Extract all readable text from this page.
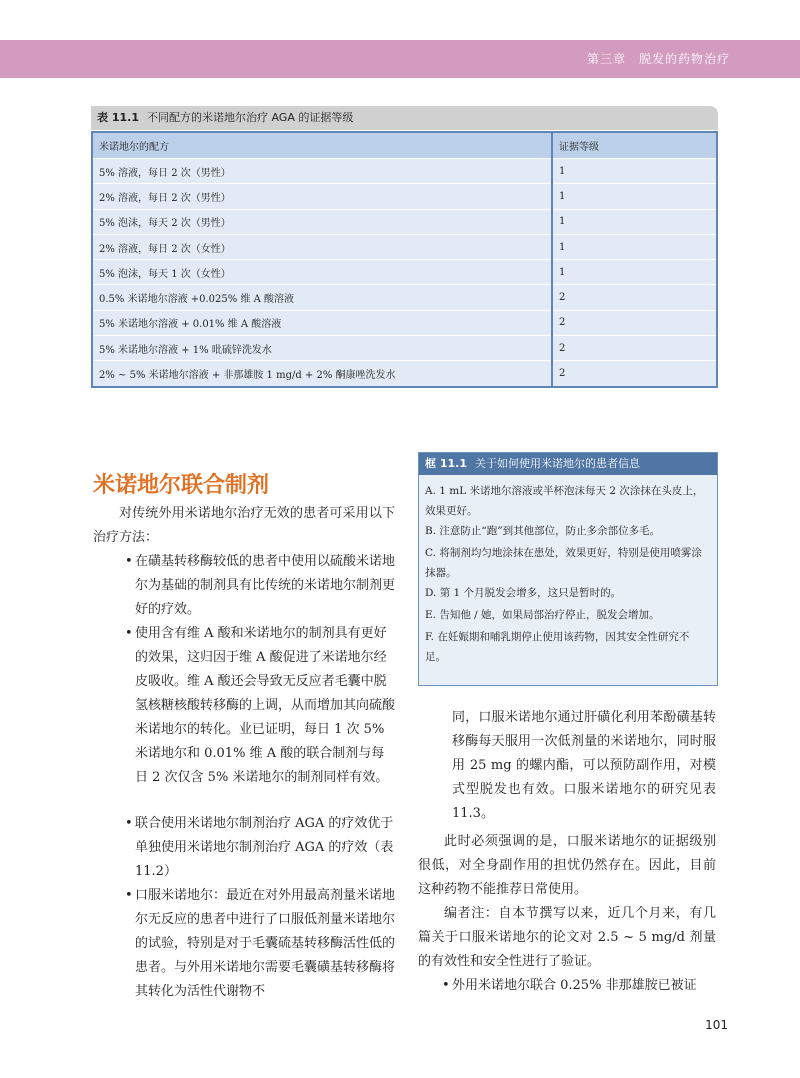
第三章　脱发的药物治疗
表 11.1 不同配方的米诺地尔治疗 AGA 的证据等级
米诺地尔的配方	证据等级
5% 溶液，每日 2 次（男性）	1
2% 溶液，每日 2 次（男性）	1
5% 泡沫，每天 2 次（男性）	1
2% 溶液，每日 2 次（女性）	1
5% 泡沫，每天 1 次（女性）	1
0.5% 米诺地尔溶液 +0.025% 维 A 酸溶液	2
5% 米诺地尔溶液 + 0.01% 维 A 酸溶液	2
5% 米诺地尔溶液 + 1% 吡硫锌洗发水	2
2% ~ 5% 米诺地尔溶液 + 非那雄胺 1 mg/d + 2% 酮康唑洗发水	2
米诺地尔联合制剂
对传统外用米诺地尔治疗无效的患者可采用以下治疗方法：
• 在磺基转移酶较低的患者中使用以硫酸米诺地尔为基础的制剂具有比传统的米诺地尔制剂更好的疗效。
• 使用含有维 A 酸和米诺地尔的制剂具有更好的效果，这归因于维 A 酸促进了米诺地尔经皮吸收。维 A 酸还会导致无反应者毛囊中脱氢核糖核酸转移酶的上调，从而增加其向硫酸米诺地尔的转化。业已证明，每日 1 次 5% 米诺地尔和 0.01% 维 A 酸的联合制剂与每日 2 次仅含 5% 米诺地尔的制剂同样有效。
• 联合使用米诺地尔制剂治疗 AGA 的疗效优于单独使用米诺地尔制剂治疗 AGA 的疗效（表 11.2）
• 口服米诺地尔：最近在对外用最高剂量米诺地尔无反应的患者中进行了口服低剂量米诺地尔的试验，特别是对于毛囊硫基转移酶活性低的患者。与外用米诺地尔需要毛囊磺基转移酶将其转化为活性代谢物不
框 11.1 关于如何使用米诺地尔的患者信息
A. 1 mL 米诺地尔溶液或半杯泡沫每天 2 次涂抹在头皮上，效果更好。
B. 注意防止“跑”到其他部位，防止多余部位多毛。
C. 将制剂均匀地涂抹在患处，效果更好，特别是使用喷雾涂抹器。
D. 第 1 个月脱发会增多，这只是暂时的。
E. 告知他 / 她，如果局部治疗停止，脱发会增加。
F. 在妊娠期和哺乳期停止使用该药物，因其安全性研究不足。
同，口服米诺地尔通过肝磺化利用苯酚磺基转移酶每天服用一次低剂量的米诺地尔，同时服用 25 mg 的螺内酯，可以预防副作用，对模式型脱发也有效。口服米诺地尔的研究见表 11.3。
此时必须强调的是，口服米诺地尔的证据级别很低，对全身副作用的担忧仍然存在。因此，目前这种药物不能推荐日常使用。
编者注：自本节撰写以来，近几个月来，有几篇关于口服米诺地尔的论文对 2.5 ~ 5 mg/d 剂量的有效性和安全性进行了验证。
• 外用米诺地尔联合 0.25% 非那雄胺已被证
101
